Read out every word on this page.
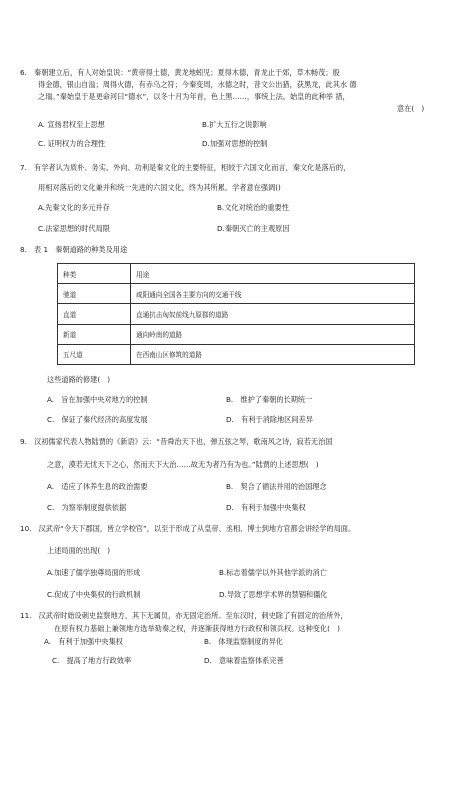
6.　秦朝建立后，有人对始皇说：“黄帝得土德，黄龙地蚓见；夏得木德，青龙止于郊，草木畅茂；殷
得金德，银山自溢；周得火德，有赤乌之符；今秦变周，水德之时，昔文公出猎，获黑龙，此其水 德
之瑞。”秦始皇于是更命河曰“德水”，以冬十月为年首，色上黑……，事统上法。始皇的此种举 措，
意在(　)
A. 宣扬君权至上思想	B.扩大五行之说影响
C. 证明权力的合理性	D.加强对思想的控制
7.　有学者认为质朴、务实、外向、功利是秦文化的主要特征，相较于六国文化而言，秦文化是落后的，
用相对落后的文化兼并和统一先进的六国文化，终为其所累。学者意在强调()
A.先秦文化的多元并存	B.文化对统治的重要性
C.法家思想的时代局限	D.秦朝灭亡的主观原因
8.　表 1　秦朝道路的种类及用途
种类	用途
驰道	咸阳通向全国各主要方向的交通干线
直道	直通抗击匈奴前线九原郡的道路
新道	通向岭南的道路
五尺道	在西南山区修筑的道路
这些道路的修建(　)
A.　旨在加强中央对地方的控制	B.　维护了秦朝的长期统一
C.　保证了秦代经济的高度发展	D.　有利于消除地区间差异
9.　汉初儒家代表人物陆贾的《新语》云：“昔舜治天下也，弹五弦之琴，歌南风之诗，寂若无治国
之意，漠若无忧天下之心，然而天下大治……故无为者乃有为也。”陆贾的上述思想(　)
A.　适应了休养生息的政治需要	B.　契合了循法并用的治国理念
C.　为察举制度提供依据	D.　有利于加强中央集权
10.　汉武帝“令天下郡国，皆立学校官”，以至于形成了从皇帝、丞相、博士到地方官都会讲经学的局面。
上述局面的出现(　)
A.加速了儒学独尊局面的形成	B.标志着儒学以外其他学派的消亡
C.促成了中央集权的行政机制	D.导致了思想学术界的禁锢和僵化
11.　汉武帝时始设刺史监察地方，其下无属员，亦无固定治所。至东汉时，刺史除了有固定的治所外，
在原有权力基础上兼领地方选举劾奏之权，并逐渐获得地方行政权和领兵权。这种变化(　)
A.　有利于加强中央集权	B.　体现监察制度的异化
C.　提高了地方行政效率	D.　意味着监察体系完善
